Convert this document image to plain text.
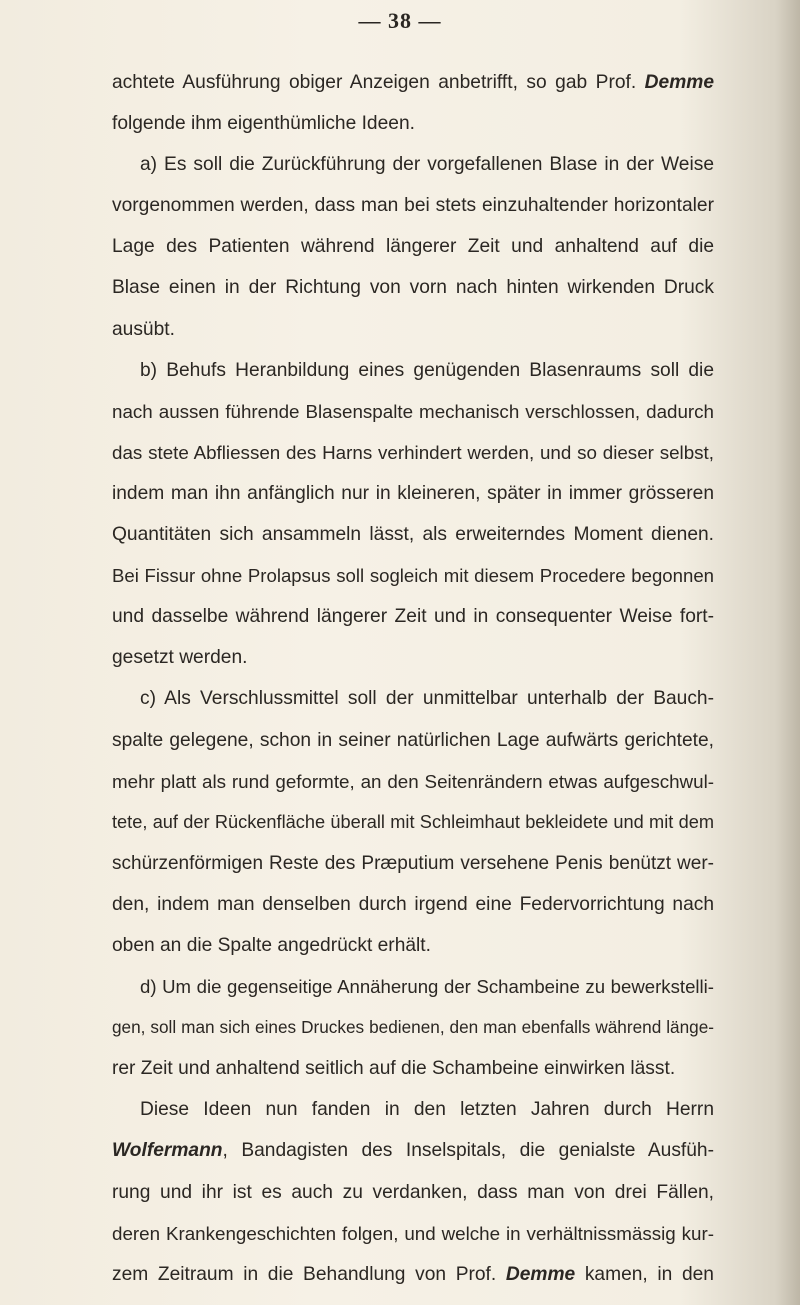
— 38 —

achtete Ausführung obiger Anzeigen anbetrifft, so gab Prof. Demme

folgende ihm eigenthümliche Ideen.

a) Es soll die Zurückführung der vorgefallenen Blase in der Weise

vorgenommen werden, dass man bei stets einzuhaltender horizontaler

Lage des Patienten während längerer Zeit und anhaltend auf die

Blase einen in der Richtung von vorn nach hinten wirkenden Druck

ausübt.

b) Behufs Heranbildung eines genügenden Blasenraums soll die

nach aussen führende Blasenspalte mechanisch verschlossen, dadurch

das stete Abfliessen des Harns verhindert werden, und so dieser selbst,

indem man ihn anfänglich nur in kleineren, später in immer grösseren

Quantitäten sich ansammeln lässt, als erweiterndes Moment dienen.

Bei Fissur ohne Prolapsus soll sogleich mit diesem Procedere begonnen

und dasselbe während längerer Zeit und in consequenter Weise fort-

gesetzt werden.

c) Als Verschlussmittel soll der unmittelbar unterhalb der Bauch-

spalte gelegene, schon in seiner natürlichen Lage aufwärts gerichtete,

mehr platt als rund geformte, an den Seitenrändern etwas aufgeschwul-

tete, auf der Rückenfläche überall mit Schleimhaut bekleidete und mit dem

schürzenförmigen Reste des Præputium versehene Penis benützt wer-

den, indem man denselben durch irgend eine Federvorrichtung nach

oben an die Spalte angedrückt erhält.

d) Um die gegenseitige Annäherung der Schambeine zu bewerkstelli-

gen, soll man sich eines Druckes bedienen, den man ebenfalls während länge-

rer Zeit und anhaltend seitlich auf die Schambeine einwirken lässt.

Diese Ideen nun fanden in den letzten Jahren durch Herrn

Wolfermann, Bandagisten des Inselspitals, die genialste Ausfüh-

rung und ihr ist es auch zu verdanken, dass man von drei Fällen,

deren Krankengeschichten folgen, und welche in verhältnissmässig kur-

zem Zeitraum in die Behandlung von Prof. Demme kamen, in den
